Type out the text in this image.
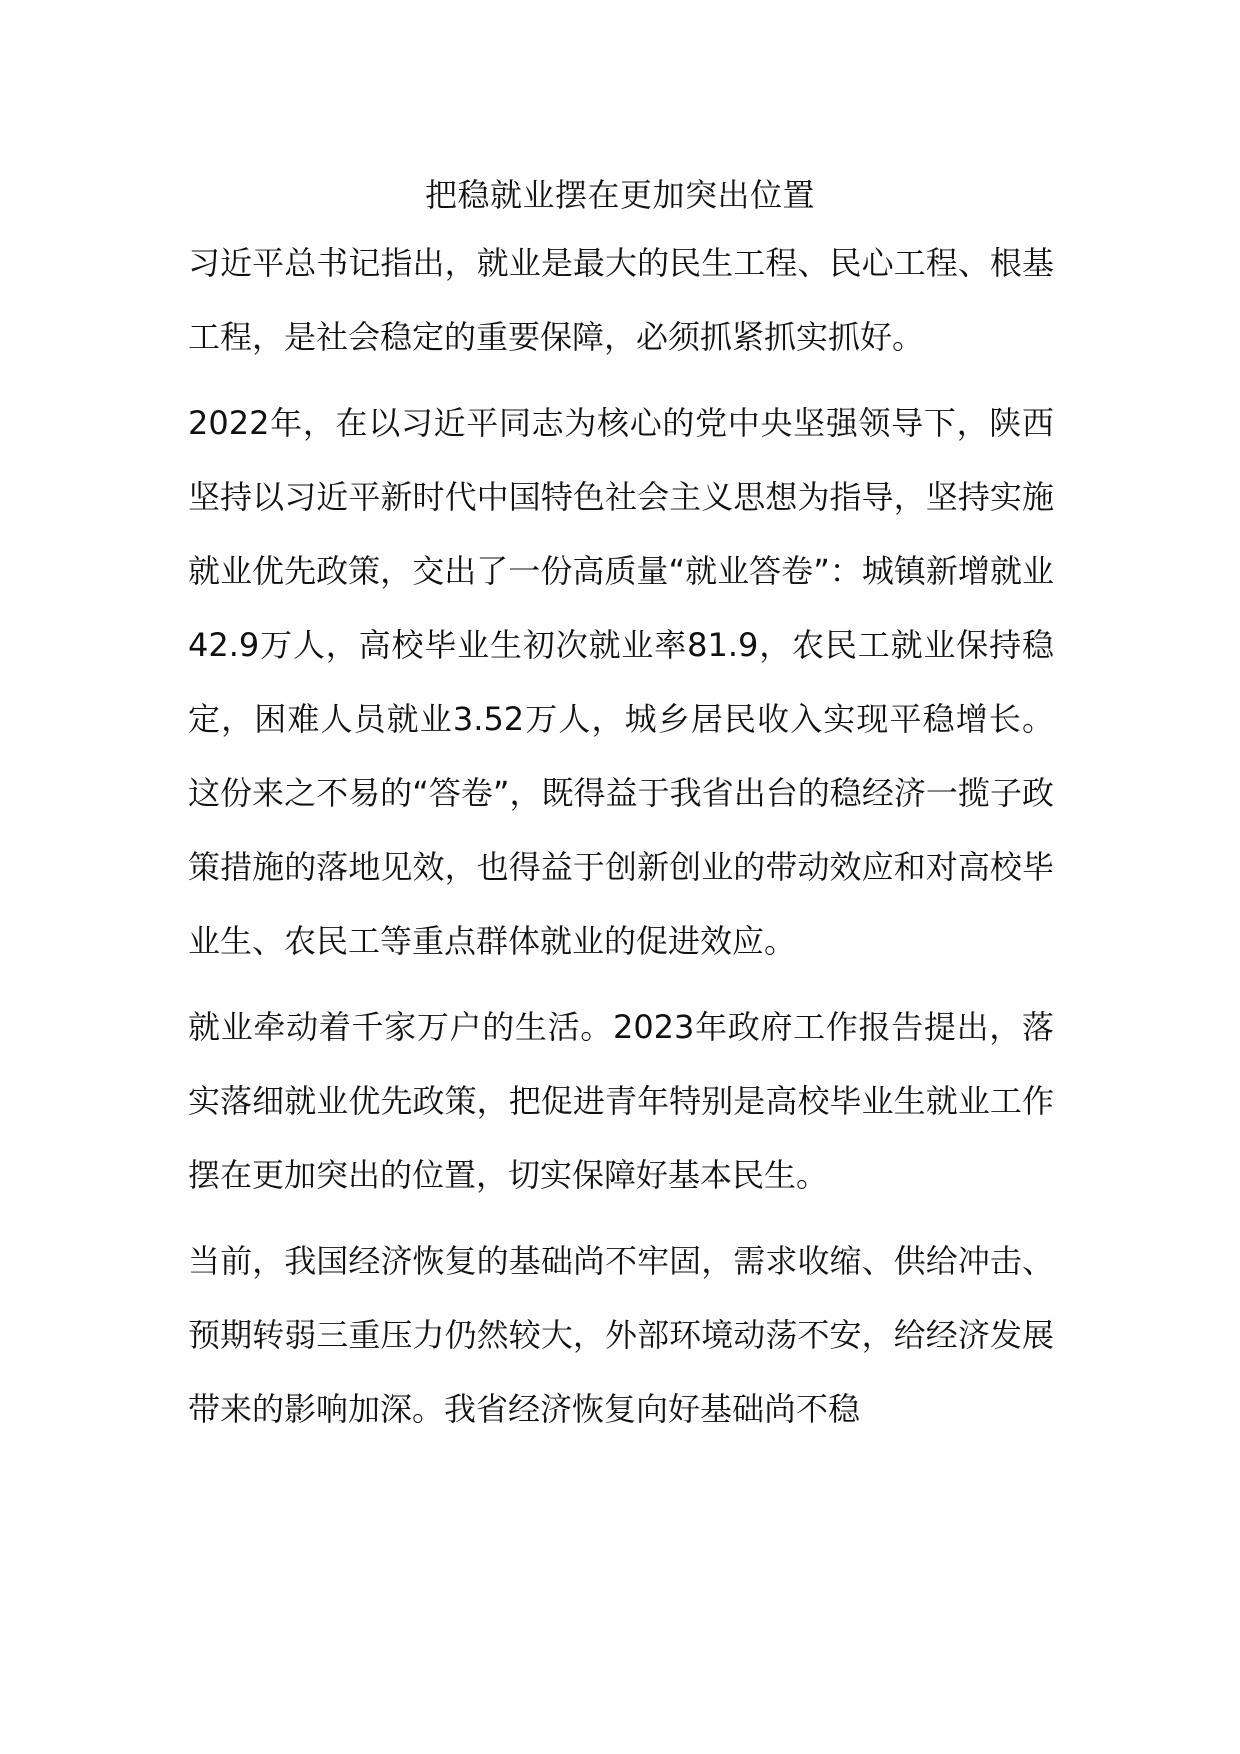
把稳就业摆在更加突出位置

习近平总书记指出，就业是最大的民生工程、民心工程、根基工程，是社会稳定的重要保障，必须抓紧抓实抓好。

2022年，在以习近平同志为核心的党中央坚强领导下，陕西坚持以习近平新时代中国特色社会主义思想为指导，坚持实施就业优先政策，交出了一份高质量“就业答卷”：城镇新增就业42.9万人，高校毕业生初次就业率81.9，农民工就业保持稳定，困难人员就业3.52万人，城乡居民收入实现平稳增长。这份来之不易的“答卷”，既得益于我省出台的稳经济一揽子政策措施的落地见效，也得益于创新创业的带动效应和对高校毕业生、农民工等重点群体就业的促进效应。

就业牵动着千家万户的生活。2023年政府工作报告提出，落实落细就业优先政策，把促进青年特别是高校毕业生就业工作摆在更加突出的位置，切实保障好基本民生。

当前，我国经济恢复的基础尚不牢固，需求收缩、供给冲击、预期转弱三重压力仍然较大，外部环境动荡不安，给经济发展带来的影响加深。我省经济恢复向好基础尚不稳
